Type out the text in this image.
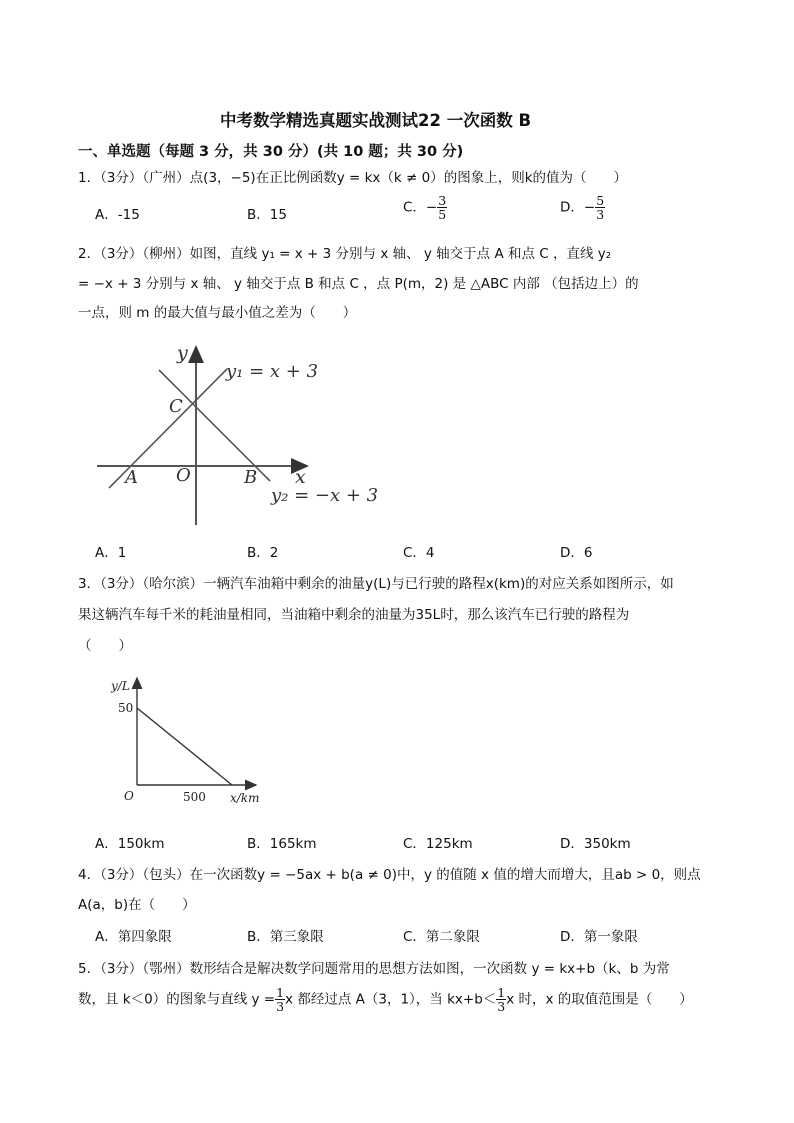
中考数学精选真题实战测试22 一次函数 B
一、单选题（每题 3 分，共 30 分）(共 10 题；共 30 分)
1．（3分）（广州）点(3，−5)在正比例函数y = kx（k ≠ 0）的图象上，则k的值为（　　）
A．-15	B．15	C．− $\frac{3}{5}$	D．− $\frac{5}{3}$
2．（3分）（柳州）如图，直线 y₁ = x + 3 分别与 x 轴、 y 轴交于点 A 和点 C ，直线 y₂
= −x + 3 分别与 x 轴、 y 轴交于点 B 和点 C ，点 P(m，2) 是 △ABC 内部 （包括边上）的
一点，则 m 的最大值与最小值之差为（　　）
y
x
y₁ = x + 3
y₂ = −x + 3
C
A O	B
A．1	B．2	C．4	D．6
3．（3分）（哈尔滨）一辆汽车油箱中剩余的油量y(L)与已行驶的路程x(km)的对应关系如图所示，如
果这辆汽车每千米的耗油量相同，当油箱中剩余的油量为35L时，那么该汽车已行驶的路程为
（　　）
y/L
x/km
50
500
O
A．150km	B．165km	C．125km	D．350km
4．（3分）（包头）在一次函数y = −5ax + b(a ≠ 0)中，y 的值随 x 值的增大而增大，且ab > 0，则点
A(a，b)在（　　）
A．第四象限	B．第三象限	C．第二象限	D．第一象限
5．（3分）（鄂州）数形结合是解决数学问题常用的思想方法如图，一次函数 y = kx+b（k、b 为常
数，且 k＜0）的图象与直线 $y = \frac{1}{3}$ x 都经过点 A（3，1），当 $kx+b< \frac{1}{3}$ x 时，x 的取值范围是（　　）
